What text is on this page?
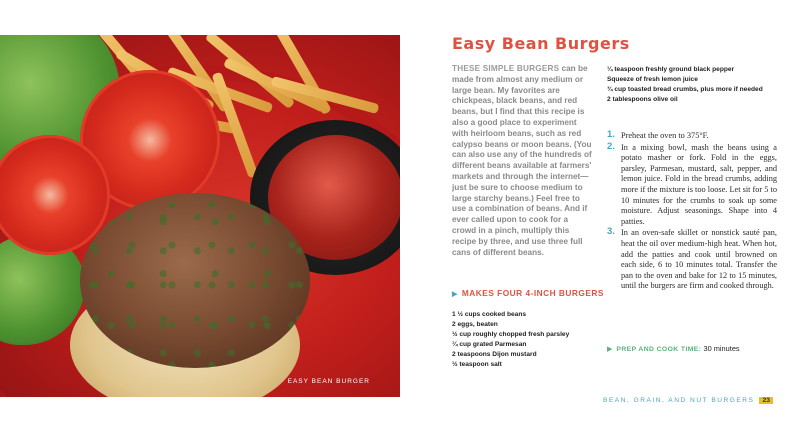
EASY BEAN BURGER
Easy Bean Burgers

THESE SIMPLE BURGERS can be made from almost any medium or large bean. My favorites are chickpeas, black beans, and red beans, but I find that this recipe is also a good place to experiment with heirloom beans, such as red calypso beans or moon beans. (You can also use any of the hundreds of different beans available at farmers' markets and through the internet—just be sure to choose medium to large starchy beans.) Feel free to use a combination of beans. And if ever called upon to cook for a crowd in a pinch, multiply this recipe by three, and use three full cans of different beans.

▶ MAKES FOUR 4-INCH BURGERS
1 ½ cups cooked beans
2 eggs, beaten
½ cup roughly chopped fresh parsley
¼ cup grated Parmesan
2 teaspoons Dijon mustard
½ teaspoon salt
¼ teaspoon freshly ground black pepper
Squeeze of fresh lemon juice
¾ cup toasted bread crumbs, plus more if needed
2 tablespoons olive oil
1. Preheat the oven to 375°F.
2. In a mixing bowl, mash the beans using a potato masher or fork. Fold in the eggs, parsley, Parmesan, mustard, salt, pepper, and lemon juice. Fold in the bread crumbs, adding more if the mixture is too loose. Let sit for 5 to 10 minutes for the crumbs to soak up some moisture. Adjust seasonings. Shape into 4 patties.
3. In an oven-safe skillet or nonstick sauté pan, heat the oil over medium-high heat. When hot, add the patties and cook until browned on each side, 6 to 10 minutes total. Transfer the pan to the oven and bake for 12 to 15 minutes, until the burgers are firm and cooked through.
▶ PREP AND COOK TIME: 30 minutes
BEAN, GRAIN, AND NUT BURGERS 23
